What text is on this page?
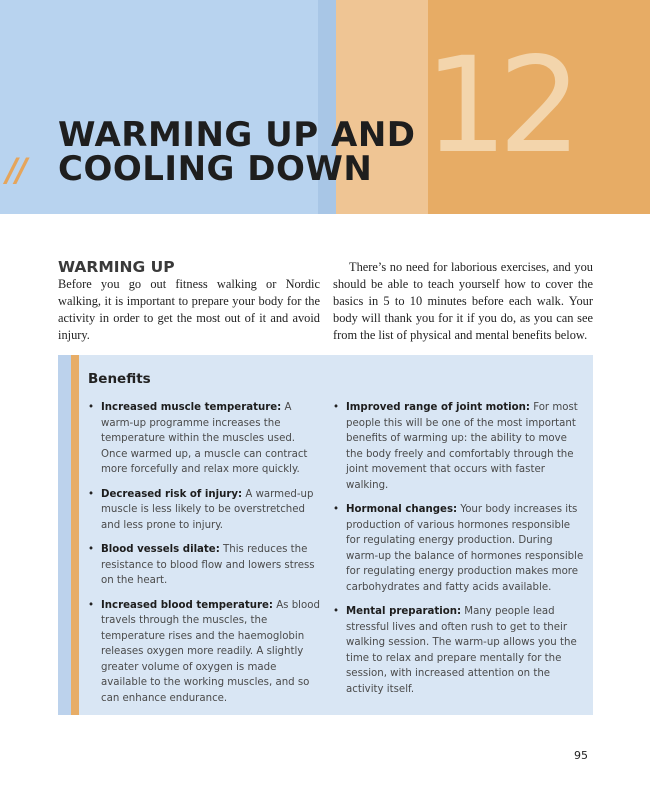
12
//
WARMING UP AND
COOLING DOWN
WARMING UP

Before you go out fitness walking or Nordic walking, it is important to prepare your body for the activity in order to get the most out of it and avoid injury.

There’s no need for laborious exercises, and you should be able to teach yourself how to cover the basics in 5 to 10 minutes before each walk. Your body will thank you for it if you do, as you can see from the list of physical and mental benefits below.

Benefits
• Increased muscle temperature: A warm-up programme increases the temperature within the muscles used. Once warmed up, a muscle can contract more forcefully and relax more quickly.
• Decreased risk of injury: A warmed-up muscle is less likely to be overstretched and less prone to injury.
• Blood vessels dilate: This reduces the resistance to blood flow and lowers stress on the heart.
• Increased blood temperature: As blood travels through the muscles, the temperature rises and the haemoglobin releases oxygen more readily. A slightly greater volume of oxygen is made available to the working muscles, and so can enhance endurance.
• Improved range of joint motion: For most people this will be one of the most important benefits of warming up: the ability to move the body freely and comfortably through the joint movement that occurs with faster walking.
• Hormonal changes: Your body increases its production of various hormones responsible for regulating energy production. During warm-up the balance of hormones responsible for regulating energy production makes more carbohydrates and fatty acids available.
• Mental preparation: Many people lead stressful lives and often rush to get to their walking session. The warm-up allows you the time to relax and prepare mentally for the session, with increased attention on the activity itself.
95
